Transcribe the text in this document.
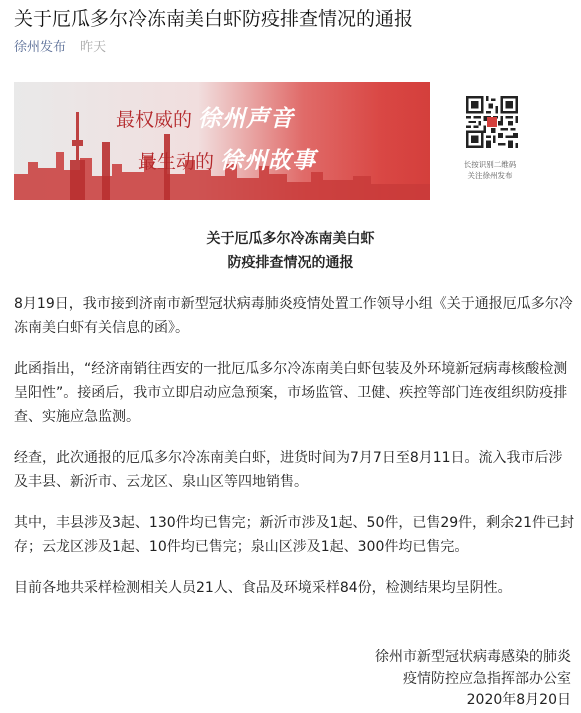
关于厄瓜多尔冷冻南美白虾防疫排查情况的通报
徐州发布 昨天
最权威的 徐州声音
最生动的 徐州故事	长按识别二维码
关注徐州发布
关于厄瓜多尔冷冻南美白虾
防疫排查情况的通报
8月19日，我市接到济南市新型冠状病毒肺炎疫情处置工作领导小组《关于通报厄瓜多尔冷冻南美白虾有关信息的函》。
此函指出，“经济南销往西安的一批厄瓜多尔冷冻南美白虾包装及外环境新冠病毒核酸检测呈阳性”。接函后，我市立即启动应急预案，市场监管、卫健、疾控等部门连夜组织防疫排查、实施应急监测。
经查，此次通报的厄瓜多尔冷冻南美白虾，进货时间为7月7日至8月11日。流入我市后涉及丰县、新沂市、云龙区、泉山区等四地销售。
其中，丰县涉及3起、130件均已售完；新沂市涉及1起、50件，已售29件，剩余21件已封存；云龙区涉及1起、10件均已售完；泉山区涉及1起、300件均已售完。
目前各地共采样检测相关人员21人、食品及环境采样84份，检测结果均呈阴性。
徐州市新型冠状病毒感染的肺炎
疫情防控应急指挥部办公室
2020年8月20日
